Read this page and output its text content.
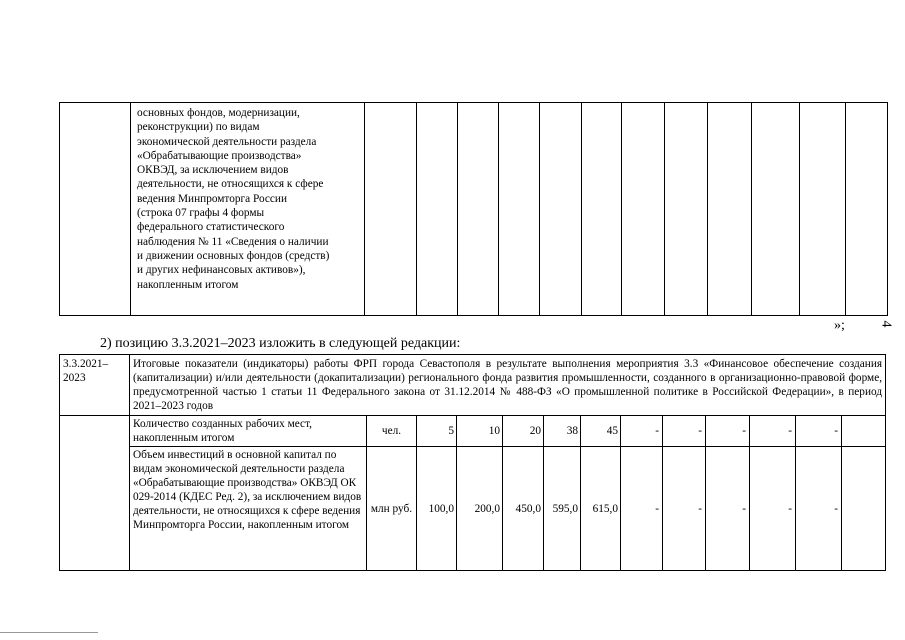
основных фондов, модернизации,
реконструкции) по видам
экономической деятельности раздела
«Обрабатывающие производства»
ОКВЭД, за исключением видов
деятельности, не относящихся к сфере
ведения Минпромторга России
(строка 07 графы 4 формы
федерального статистического
наблюдения № 11 «Сведения о наличии
и движении основных фондов (средств)
и других нефинансовых активов»),
накопленным итогом

»; 4
2) позицию 3.3.2021–2023 изложить в следующей редакции:
3.3.2021–2023	Итоговые показатели (индикаторы) работы ФРП города Севастополя в результате выполнения мероприятия 3.3 «Финансовое обеспечение создания (капитализации) и/или деятельности (докапитализации) регионального фонда развития промышленности, созданного в организационно-правовой форме, предусмотренной частью 1 статьи 11 Федерального закона от 31.12.2014 № 488-ФЗ «О промышленной политике в Российской Федерации», в период 2021–2023 годов												
	Количество созданных рабочих мест, накопленным итогом	чел.	5	10	20	38	45	-	-	-	-	-	
	Объем инвестиций в основной капитал по видам экономической деятельности раздела «Обрабатывающие производства» ОКВЭД ОК 029-2014 (КДЕС Ред. 2), за исключением видов деятельности, не относящихся к сфере ведения Минпромторга России, накопленным итогом	млн руб.	100,0	200,0	450,0	595,0	615,0	-	-	-	-	-	
